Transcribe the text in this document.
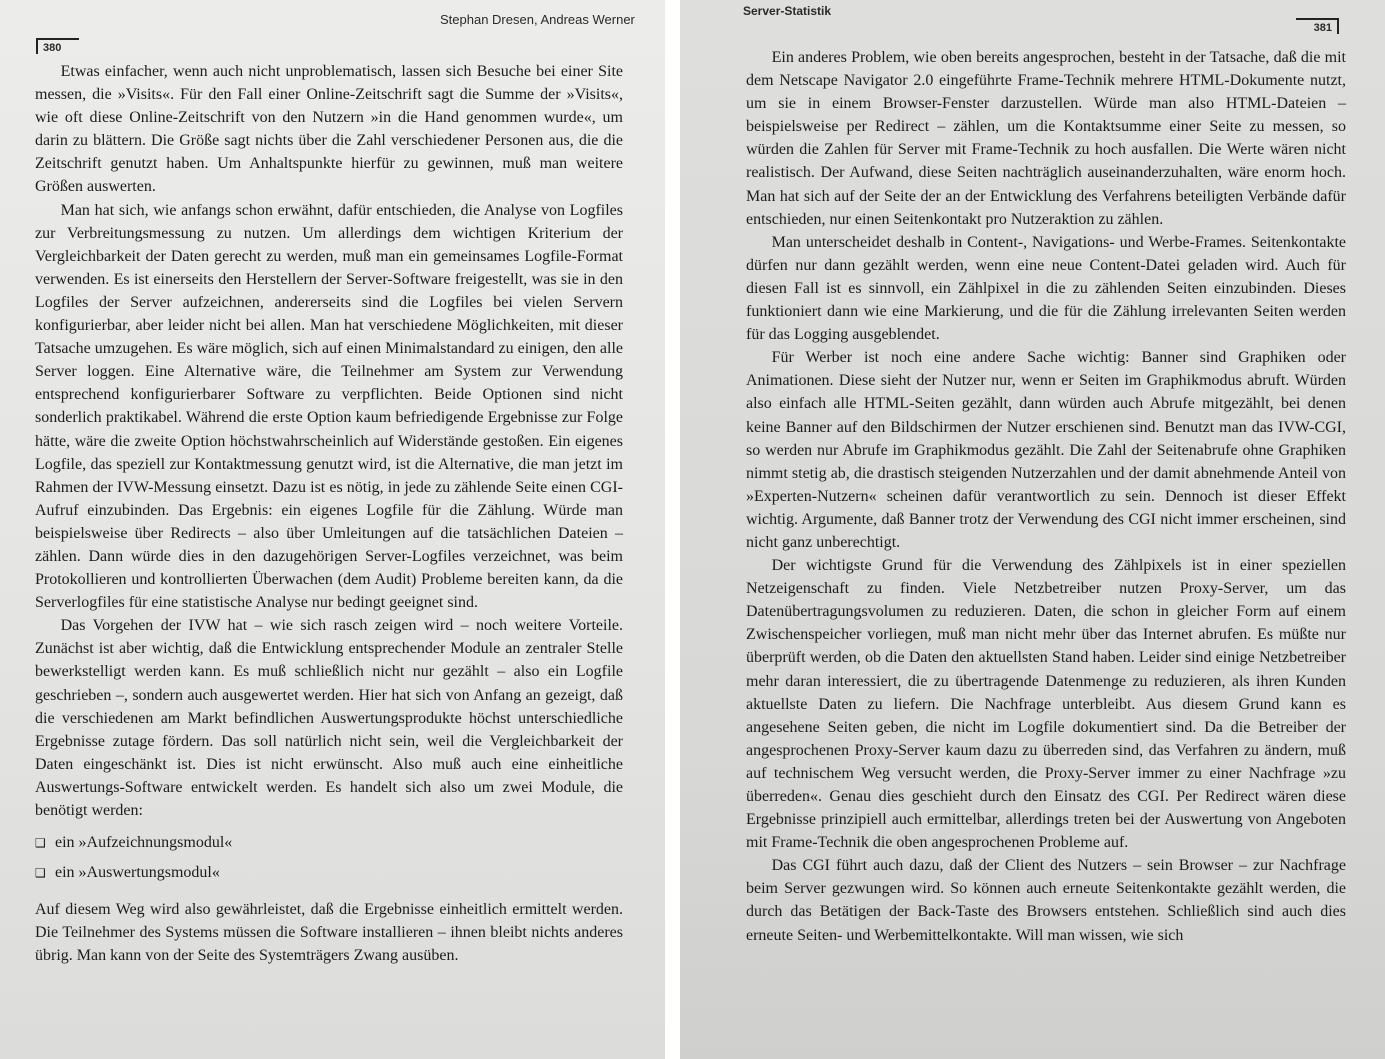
Stephan Dresen, Andreas Werner
380

Etwas einfacher, wenn auch nicht unproblematisch, lassen sich Besuche bei einer Site messen, die »Visits«. Für den Fall einer Online-Zeitschrift sagt die Summe der »Visits«, wie oft diese Online-Zeitschrift von den Nutzern »in die Hand genommen wurde«, um darin zu blättern. Die Größe sagt nichts über die Zahl verschiedener Personen aus, die die Zeitschrift genutzt haben. Um Anhaltspunkte hierfür zu gewinnen, muß man weitere Größen auswerten.

Man hat sich, wie anfangs schon erwähnt, dafür entschieden, die Analyse von Logfiles zur Verbreitungsmessung zu nutzen. Um allerdings dem wichtigen Kriterium der Vergleichbarkeit der Daten gerecht zu werden, muß man ein gemeinsames Logfile-Format verwenden. Es ist einerseits den Herstellern der Server-Software freigestellt, was sie in den Logfiles der Server aufzeichnen, andererseits sind die Logfiles bei vielen Servern konfigurierbar, aber leider nicht bei allen. Man hat verschiedene Möglichkeiten, mit dieser Tatsache umzugehen. Es wäre möglich, sich auf einen Minimalstandard zu einigen, den alle Server loggen. Eine Alternative wäre, die Teilnehmer am System zur Verwendung entsprechend konfigurierbarer Software zu verpflichten. Beide Optionen sind nicht sonderlich praktikabel. Während die erste Option kaum befriedigende Ergebnisse zur Folge hätte, wäre die zweite Option höchstwahrscheinlich auf Widerstände gestoßen. Ein eigenes Logfile, das speziell zur Kontaktmessung genutzt wird, ist die Alternative, die man jetzt im Rahmen der IVW-Messung einsetzt. Dazu ist es nötig, in jede zu zählende Seite einen CGI-Aufruf einzubinden. Das Ergebnis: ein eigenes Logfile für die Zählung. Würde man beispielsweise über Redirects – also über Umleitungen auf die tatsächlichen Dateien – zählen. Dann würde dies in den dazugehörigen Server-Logfiles verzeichnet, was beim Protokollieren und kontrollierten Überwachen (dem Audit) Probleme bereiten kann, da die Serverlogfiles für eine statistische Analyse nur bedingt geeignet sind.

Das Vorgehen der IVW hat – wie sich rasch zeigen wird – noch weitere Vorteile. Zunächst ist aber wichtig, daß die Entwicklung entsprechender Module an zentraler Stelle bewerkstelligt werden kann. Es muß schließlich nicht nur gezählt – also ein Logfile geschrieben –, sondern auch ausgewertet werden. Hier hat sich von Anfang an gezeigt, daß die verschiedenen am Markt befindlichen Auswertungsprodukte höchst unterschiedliche Ergebnisse zutage fördern. Das soll natürlich nicht sein, weil die Vergleichbarkeit der Daten eingeschänkt ist. Dies ist nicht erwünscht. Also muß auch eine einheitliche Auswertungs-Software entwickelt werden. Es handelt sich also um zwei Module, die benötigt werden:

❑ ein »Aufzeichnungsmodul«
❑ ein »Auswertungsmodul«

Auf diesem Weg wird also gewährleistet, daß die Ergebnisse einheitlich ermittelt werden. Die Teilnehmer des Systems müssen die Software installieren – ihnen bleibt nichts anderes übrig. Man kann von der Seite des Systemträgers Zwang ausüben.

Server-Statistik
381

Ein anderes Problem, wie oben bereits angesprochen, besteht in der Tatsache, daß die mit dem Netscape Navigator 2.0 eingeführte Frame-Technik mehrere HTML-Dokumente nutzt, um sie in einem Browser-Fenster darzustellen. Würde man also HTML-Dateien – beispielsweise per Redirect – zählen, um die Kontaktsumme einer Seite zu messen, so würden die Zahlen für Server mit Frame-Technik zu hoch ausfallen. Die Werte wären nicht realistisch. Der Aufwand, diese Seiten nachträglich auseinanderzuhalten, wäre enorm hoch. Man hat sich auf der Seite der an der Entwicklung des Verfahrens beteiligten Verbände dafür entschieden, nur einen Seitenkontakt pro Nutzeraktion zu zählen.

Man unterscheidet deshalb in Content-, Navigations- und Werbe-Frames. Seitenkontakte dürfen nur dann gezählt werden, wenn eine neue Content-Datei geladen wird. Auch für diesen Fall ist es sinnvoll, ein Zählpixel in die zu zählenden Seiten einzubinden. Dieses funktioniert dann wie eine Markierung, und die für die Zählung irrelevanten Seiten werden für das Logging ausgeblendet.

Für Werber ist noch eine andere Sache wichtig: Banner sind Graphiken oder Animationen. Diese sieht der Nutzer nur, wenn er Seiten im Graphikmodus abruft. Würden also einfach alle HTML-Seiten gezählt, dann würden auch Abrufe mitgezählt, bei denen keine Banner auf den Bildschirmen der Nutzer erschienen sind. Benutzt man das IVW-CGI, so werden nur Abrufe im Graphikmodus gezählt. Die Zahl der Seitenabrufe ohne Graphiken nimmt stetig ab, die drastisch steigenden Nutzerzahlen und der damit abnehmende Anteil von »Experten-Nutzern« scheinen dafür verantwortlich zu sein. Dennoch ist dieser Effekt wichtig. Argumente, daß Banner trotz der Verwendung des CGI nicht immer erscheinen, sind nicht ganz unberechtigt.

Der wichtigste Grund für die Verwendung des Zählpixels ist in einer speziellen Netzeigenschaft zu finden. Viele Netzbetreiber nutzen Proxy-Server, um das Datenübertragungsvolumen zu reduzieren. Daten, die schon in gleicher Form auf einem Zwischenspeicher vorliegen, muß man nicht mehr über das Internet abrufen. Es müßte nur überprüft werden, ob die Daten den aktuellsten Stand haben. Leider sind einige Netzbetreiber mehr daran interessiert, die zu übertragende Datenmenge zu reduzieren, als ihren Kunden aktuellste Daten zu liefern. Die Nachfrage unterbleibt. Aus diesem Grund kann es angesehene Seiten geben, die nicht im Logfile dokumentiert sind. Da die Betreiber der angesprochenen Proxy-Server kaum dazu zu überreden sind, das Verfahren zu ändern, muß auf technischem Weg versucht werden, die Proxy-Server immer zu einer Nachfrage »zu überreden«. Genau dies geschieht durch den Einsatz des CGI. Per Redirect wären diese Ergebnisse prinzipiell auch ermittelbar, allerdings treten bei der Auswertung von Angeboten mit Frame-Technik die oben angesprochenen Probleme auf.

Das CGI führt auch dazu, daß der Client des Nutzers – sein Browser – zur Nachfrage beim Server gezwungen wird. So können auch erneute Seitenkontakte gezählt werden, die durch das Betätigen der Back-Taste des Browsers entstehen. Schließlich sind auch dies erneute Seiten- und Werbemittelkontakte. Will man wissen, wie sich
